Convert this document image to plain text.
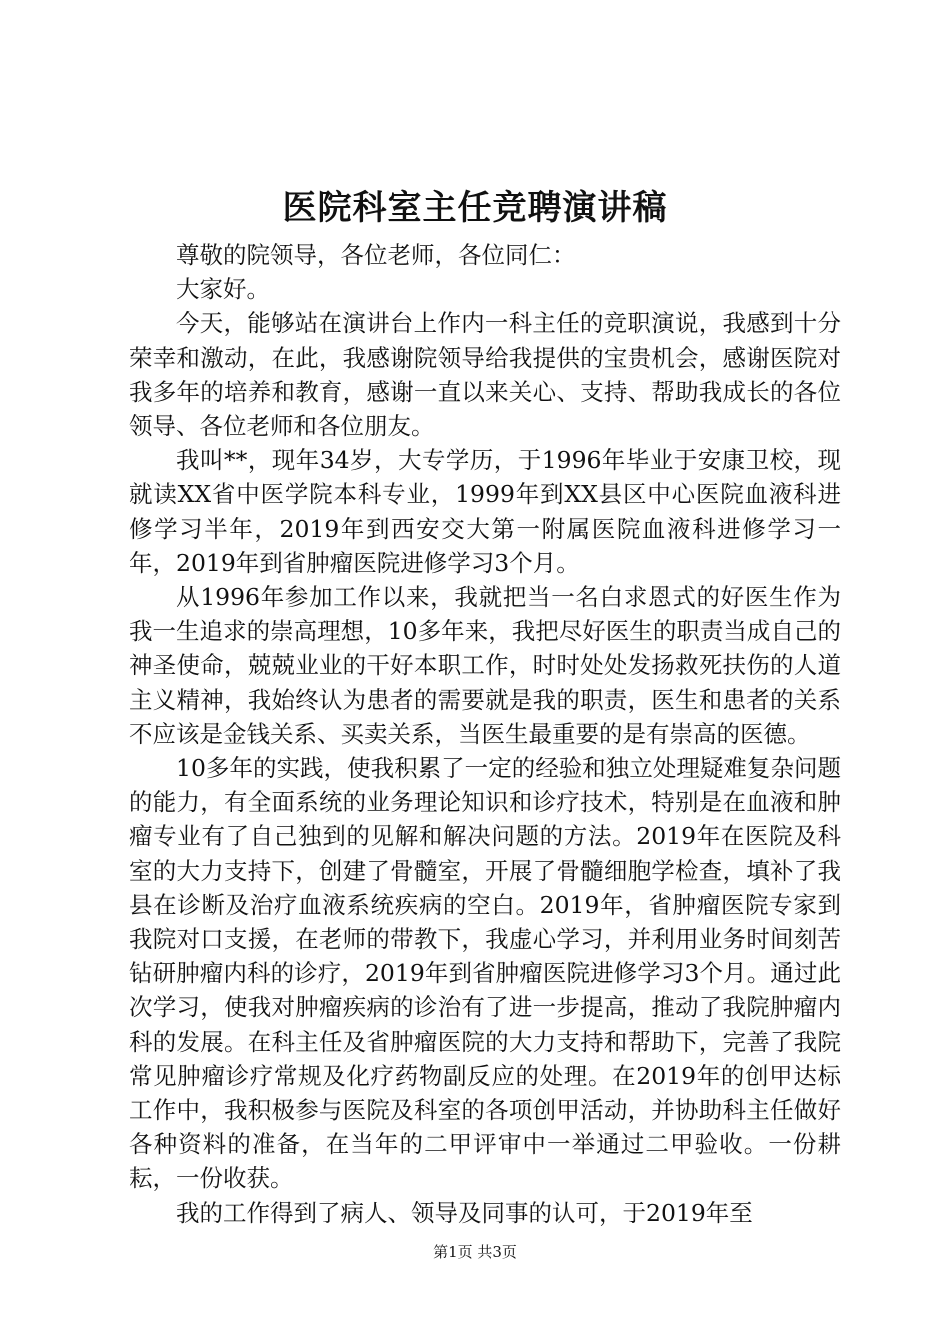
医院科室主任竞聘演讲稿

尊敬的院领导，各位老师，各位同仁：

大家好。

今天，能够站在演讲台上作内一科主任的竞职演说，我感到十分荣幸和激动，在此，我感谢院领导给我提供的宝贵机会，感谢医院对我多年的培养和教育，感谢一直以来关心、支持、帮助我成长的各位领导、各位老师和各位朋友。

我叫**，现年34岁，大专学历，于1996年毕业于安康卫校，现就读XX省中医学院本科专业，1999年到XX县区中心医院血液科进修学习半年，2019年到西安交大第一附属医院血液科进修学习一年，2019年到省肿瘤医院进修学习3个月。

从1996年参加工作以来，我就把当一名白求恩式的好医生作为我一生追求的崇高理想，10多年来，我把尽好医生的职责当成自己的神圣使命，兢兢业业的干好本职工作，时时处处发扬救死扶伤的人道主义精神，我始终认为患者的需要就是我的职责，医生和患者的关系不应该是金钱关系、买卖关系，当医生最重要的是有崇高的医德。

10多年的实践，使我积累了一定的经验和独立处理疑难复杂问题的能力，有全面系统的业务理论知识和诊疗技术，特别是在血液和肿瘤专业有了自己独到的见解和解决问题的方法。2019年在医院及科室的大力支持下，创建了骨髓室，开展了骨髓细胞学检查，填补了我县在诊断及治疗血液系统疾病的空白。2019年，省肿瘤医院专家到我院对口支援，在老师的带教下，我虚心学习，并利用业务时间刻苦钻研肿瘤内科的诊疗，2019年到省肿瘤医院进修学习3个月。通过此次学习，使我对肿瘤疾病的诊治有了进一步提高，推动了我院肿瘤内科的发展。在科主任及省肿瘤医院的大力支持和帮助下，完善了我院常见肿瘤诊疗常规及化疗药物副反应的处理。在2019年的创甲达标工作中，我积极参与医院及科室的各项创甲活动，并协助科主任做好各种资料的准备，在当年的二甲评审中一举通过二甲验收。一份耕耘，一份收获。

我的工作得到了病人、领导及同事的认可，于2019年至

第1页 共3页
